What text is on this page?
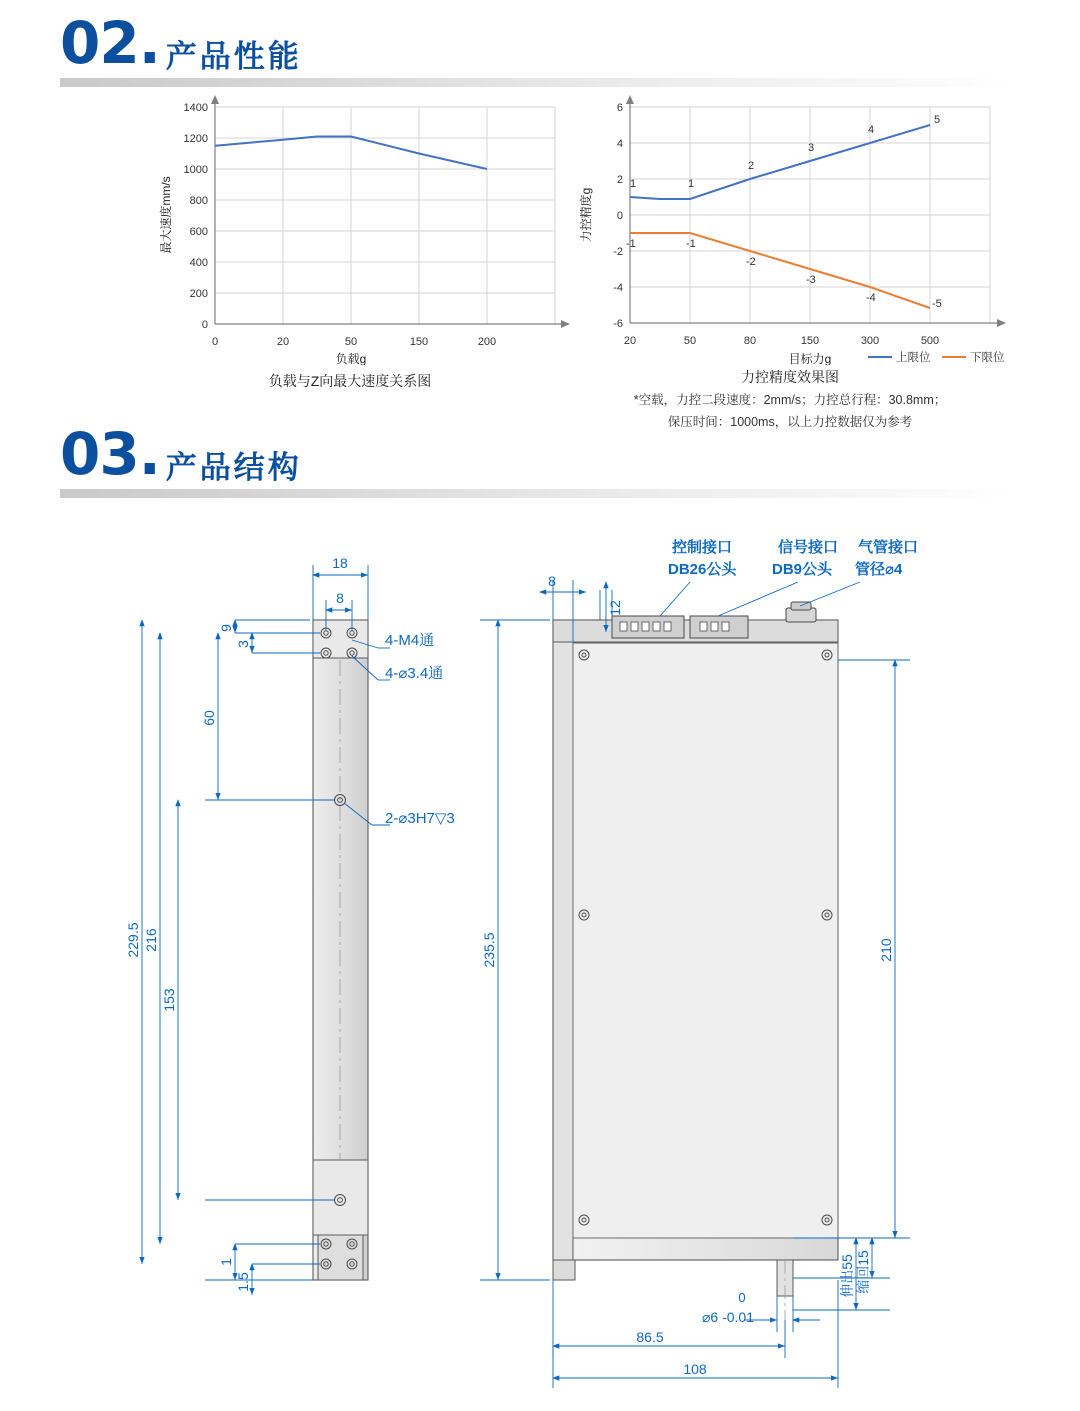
02. 产品性能
1400
1200
1000
800
600
400
200
0
0	20	50	150	200
负载g
最大速度mm/s
负载与Z向最大速度关系图
6
4
2
0
-2
-4
-6
20	50	80	150	300	500
1	1
2
3
4
5
-1	-1
-2
-3
-4	-5
目标力g
力控精度g
上限位	下限位
力控精度效果图
*空载，力控二段速度：2mm/s；力控总行程：30.8mm；
保压时间：1000ms，以上力控数据仅为参考
03. 产品结构
18
8
9
3
60
153
216
229.5
1
1.5
4-M4通
4-⌀3.4通
2-⌀3H7▽3
控制接口
DB26公头
信号接口
DB9公头
气管接口
管径⌀4
8
12
235.5	210
缩回15
伸出55
0
⌀6 -0.01
86.5
108
